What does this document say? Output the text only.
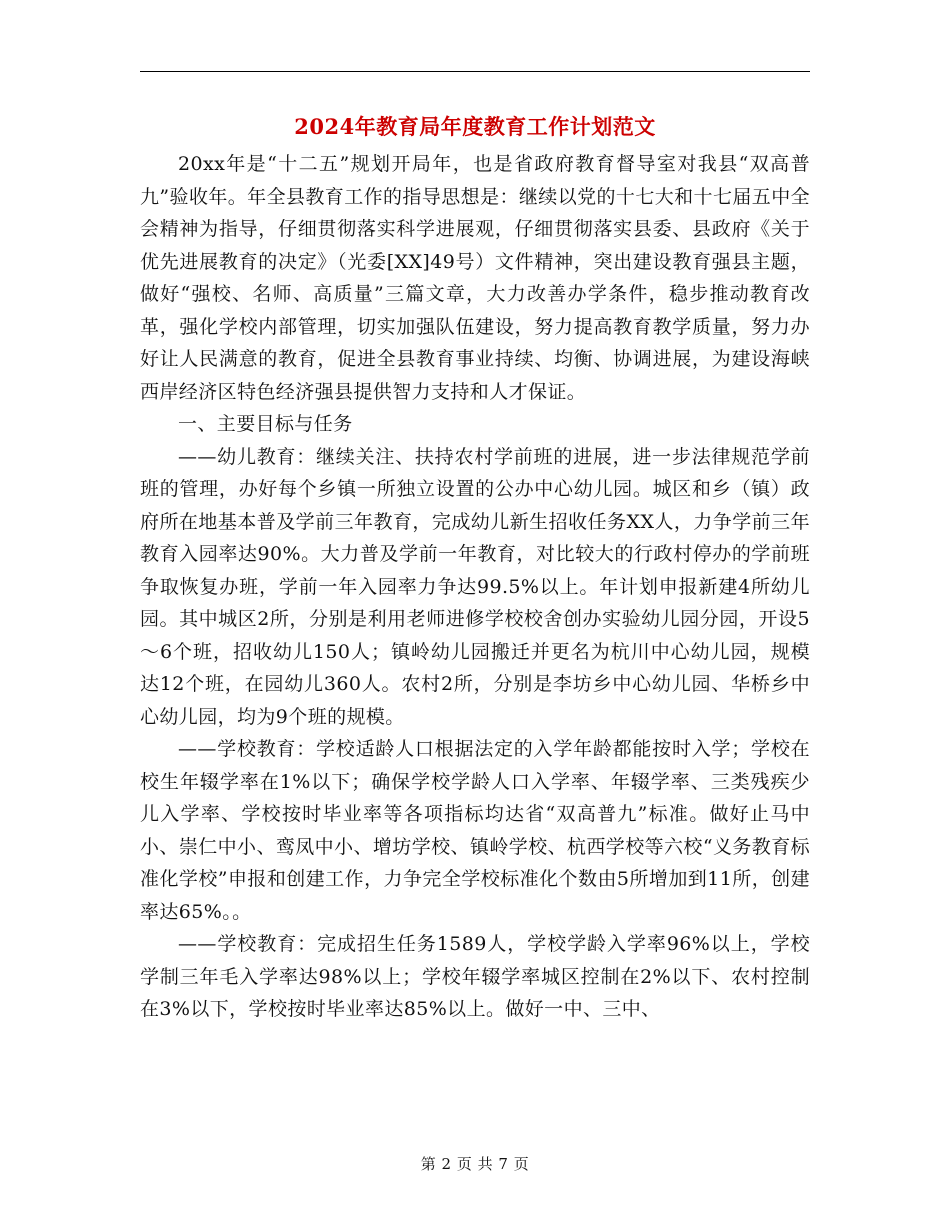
2024年教育局年度教育工作计划范文

20xx年是“十二五”规划开局年，也是省政府教育督导室对我县“双高普九”验收年。年全县教育工作的指导思想是：继续以党的十七大和十七届五中全会精神为指导，仔细贯彻落实科学进展观，仔细贯彻落实县委、县政府《关于优先进展教育的决定》（光委[XX]49号）文件精神，突出建设教育强县主题，做好“强校、名师、高质量”三篇文章，大力改善办学条件，稳步推动教育改革，强化学校内部管理，切实加强队伍建设，努力提高教育教学质量，努力办好让人民满意的教育，促进全县教育事业持续、均衡、协调进展，为建设海峡西岸经济区特色经济强县提供智力支持和人才保证。

一、主要目标与任务

——幼儿教育：继续关注、扶持农村学前班的进展，进一步法律规范学前班的管理，办好每个乡镇一所独立设置的公办中心幼儿园。城区和乡（镇）政府所在地基本普及学前三年教育，完成幼儿新生招收任务XX人，力争学前三年教育入园率达90%。大力普及学前一年教育，对比较大的行政村停办的学前班争取恢复办班，学前一年入园率力争达99.5%以上。年计划申报新建4所幼儿园。其中城区2所，分别是利用老师进修学校校舍创办实验幼儿园分园，开设5～6个班，招收幼儿150人；镇岭幼儿园搬迁并更名为杭川中心幼儿园，规模达12个班，在园幼儿360人。农村2所，分别是李坊乡中心幼儿园、华桥乡中心幼儿园，均为9个班的规模。

——学校教育：学校适龄人口根据法定的入学年龄都能按时入学；学校在校生年辍学率在1%以下；确保学校学龄人口入学率、年辍学率、三类残疾少儿入学率、学校按时毕业率等各项指标均达省“双高普九”标准。做好止马中小、崇仁中小、鸾凤中小、增坊学校、镇岭学校、杭西学校等六校“义务教育标准化学校”申报和创建工作，力争完全学校标准化个数由5所增加到11所，创建率达65%。。

——学校教育：完成招生任务1589人，学校学龄入学率96%以上，学校学制三年毛入学率达98%以上；学校年辍学率城区控制在2%以下、农村控制在3%以下，学校按时毕业率达85%以上。做好一中、三中、

第 2 页 共 7 页
